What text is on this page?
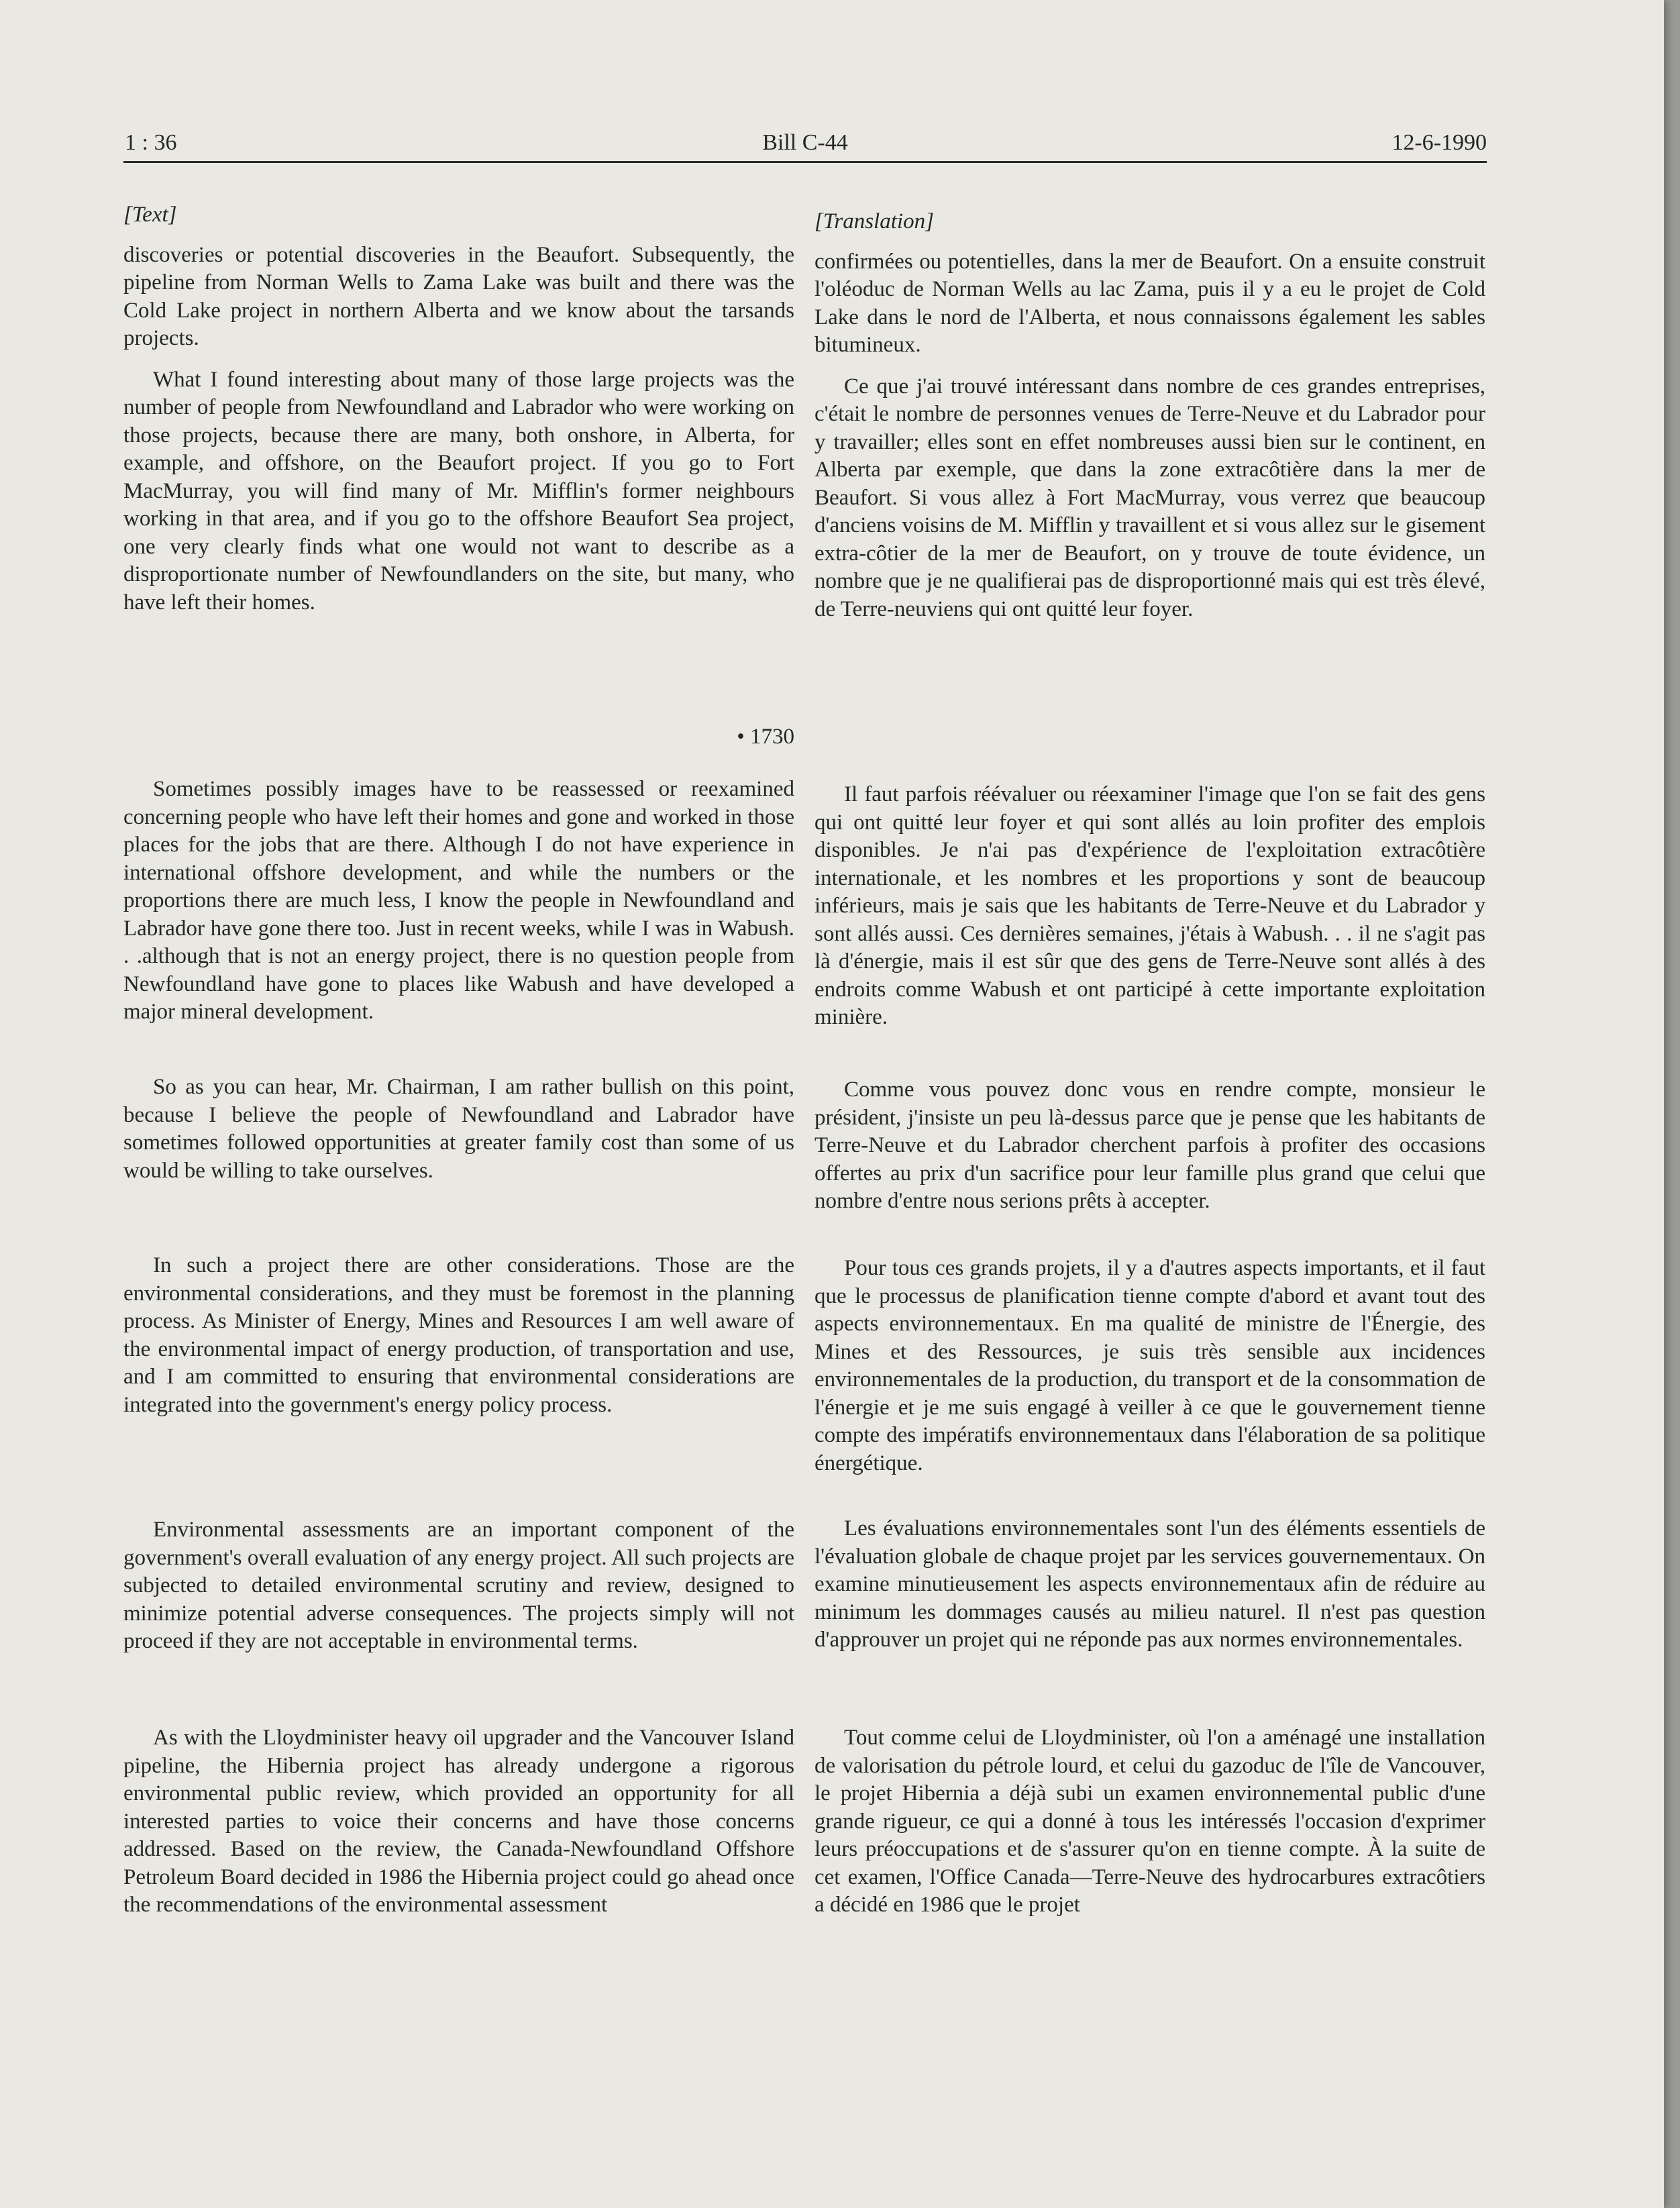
1 : 36	Bill C-44	12-6-1990
[Text]

discoveries or potential discoveries in the Beaufort. Subsequently, the pipeline from Norman Wells to Zama Lake was built and there was the Cold Lake project in northern Alberta and we know about the tarsands projects.

What I found interesting about many of those large projects was the number of people from Newfoundland and Labrador who were working on those projects, because there are many, both onshore, in Alberta, for example, and offshore, on the Beaufort project. If you go to Fort MacMurray, you will find many of Mr. Mifflin's former neighbours working in that area, and if you go to the offshore Beaufort Sea project, one very clearly finds what one would not want to describe as a disproportionate number of Newfoundlanders on the site, but many, who have left their homes.

• 1730
Sometimes possibly images have to be reassessed or reexamined concerning people who have left their homes and gone and worked in those places for the jobs that are there. Although I do not have experience in international offshore development, and while the numbers or the proportions there are much less, I know the people in Newfoundland and Labrador have gone there too. Just in recent weeks, while I was in Wabush. . .although that is not an energy project, there is no question people from Newfoundland have gone to places like Wabush and have developed a major mineral development.
So as you can hear, Mr. Chairman, I am rather bullish on this point, because I believe the people of Newfoundland and Labrador have sometimes followed opportunities at greater family cost than some of us would be willing to take ourselves.
In such a project there are other considerations. Those are the environmental considerations, and they must be foremost in the planning process. As Minister of Energy, Mines and Resources I am well aware of the environmental impact of energy production, of transportation and use, and I am committed to ensuring that environmental considerations are integrated into the government's energy policy process.
Environmental assessments are an important component of the government's overall evaluation of any energy project. All such projects are subjected to detailed environmental scrutiny and review, designed to minimize potential adverse consequences. The projects simply will not proceed if they are not acceptable in environmental terms.
As with the Lloydminister heavy oil upgrader and the Vancouver Island pipeline, the Hibernia project has already undergone a rigorous environmental public review, which provided an opportunity for all interested parties to voice their concerns and have those concerns addressed. Based on the review, the Canada-Newfoundland Offshore Petroleum Board decided in 1986 the Hibernia project could go ahead once the recommendations of the environmental assessment
[Translation]

confirmées ou potentielles, dans la mer de Beaufort. On a ensuite construit l'oléoduc de Norman Wells au lac Zama, puis il y a eu le projet de Cold Lake dans le nord de l'Alberta, et nous connaissons également les sables bitumineux.

Ce que j'ai trouvé intéressant dans nombre de ces grandes entreprises, c'était le nombre de personnes venues de Terre-Neuve et du Labrador pour y travailler; elles sont en effet nombreuses aussi bien sur le continent, en Alberta par exemple, que dans la zone extracôtière dans la mer de Beaufort. Si vous allez à Fort MacMurray, vous verrez que beaucoup d'anciens voisins de M. Mifflin y travaillent et si vous allez sur le gisement extra-côtier de la mer de Beaufort, on y trouve de toute évidence, un nombre que je ne qualifierai pas de disproportionné mais qui est très élevé, de Terre-neuviens qui ont quitté leur foyer.

Il faut parfois réévaluer ou réexaminer l'image que l'on se fait des gens qui ont quitté leur foyer et qui sont allés au loin profiter des emplois disponibles. Je n'ai pas d'expérience de l'exploitation extracôtière internationale, et les nombres et les proportions y sont de beaucoup inférieurs, mais je sais que les habitants de Terre-Neuve et du Labrador y sont allés aussi. Ces dernières semaines, j'étais à Wabush. . . il ne s'agit pas là d'énergie, mais il est sûr que des gens de Terre-Neuve sont allés à des endroits comme Wabush et ont participé à cette importante exploitation minière.
Comme vous pouvez donc vous en rendre compte, monsieur le président, j'insiste un peu là-dessus parce que je pense que les habitants de Terre-Neuve et du Labrador cherchent parfois à profiter des occasions offertes au prix d'un sacrifice pour leur famille plus grand que celui que nombre d'entre nous serions prêts à accepter.
Pour tous ces grands projets, il y a d'autres aspects importants, et il faut que le processus de planification tienne compte d'abord et avant tout des aspects environnementaux. En ma qualité de ministre de l'Énergie, des Mines et des Ressources, je suis très sensible aux incidences environnementales de la production, du transport et de la consommation de l'énergie et je me suis engagé à veiller à ce que le gouvernement tienne compte des impératifs environnementaux dans l'élaboration de sa politique énergétique.
Les évaluations environnementales sont l'un des éléments essentiels de l'évaluation globale de chaque projet par les services gouvernementaux. On examine minutieusement les aspects environnementaux afin de réduire au minimum les dommages causés au milieu naturel. Il n'est pas question d'approuver un projet qui ne réponde pas aux normes environnementales.
Tout comme celui de Lloydminister, où l'on a aménagé une installation de valorisation du pétrole lourd, et celui du gazoduc de l'île de Vancouver, le projet Hibernia a déjà subi un examen environnemental public d'une grande rigueur, ce qui a donné à tous les intéressés l'occasion d'exprimer leurs préoccupations et de s'assurer qu'on en tienne compte. À la suite de cet examen, l'Office Canada—Terre-Neuve des hydrocarbures extracôtiers a décidé en 1986 que le projet
